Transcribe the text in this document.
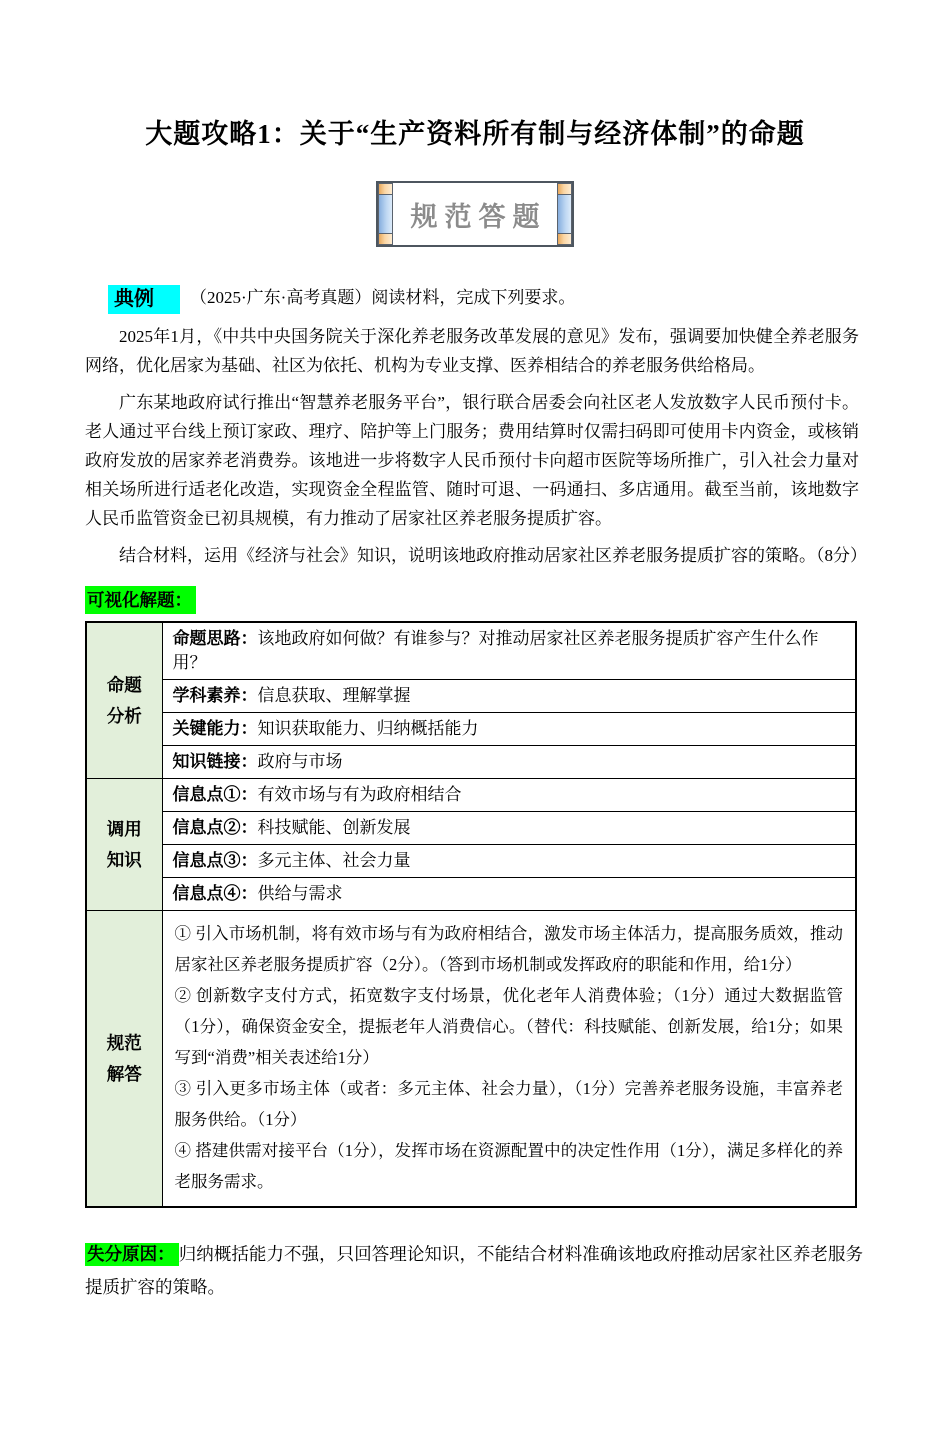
大题攻略1：关于“生产资料所有制与经济体制”的命题
规范答题
典例 （2025·广东·高考真题）阅读材料，完成下列要求。

2025年1月，《中共中央国务院关于深化养老服务改革发展的意见》发布，强调要加快健全养老服务网络，优化居家为基础、社区为依托、机构为专业支撑、医养相结合的养老服务供给格局。

广东某地政府试行推出“智慧养老服务平台”，银行联合居委会向社区老人发放数字人民币预付卡。老人通过平台线上预订家政、理疗、陪护等上门服务；费用结算时仅需扫码即可使用卡内资金，或核销政府发放的居家养老消费券。该地进一步将数字人民币预付卡向超市医院等场所推广，引入社会力量对相关场所进行适老化改造，实现资金全程监管、随时可退、一码通扫、多店通用。截至当前，该地数字人民币监管资金已初具规模，有力推动了居家社区养老服务提质扩容。

结合材料，运用《经济与社会》知识，说明该地政府推动居家社区养老服务提质扩容的策略。（8分）

可视化解题：
命题分析	命题思路：该地政府如何做？有谁参与？对推动居家社区养老服务提质扩容产生什么作用？
	学科素养：信息获取、理解掌握
	关键能力：知识获取能力、归纳概括能力
	知识链接：政府与市场

调用知识	信息点①：有效市场与有为政府相结合
	信息点②：科技赋能、创新发展
	信息点③：多元主体、社会力量
	信息点④：供给与需求

规范解答	① 引入市场机制，将有效市场与有为政府相结合，激发市场主体活力，提高服务质效，推动居家社区养老服务提质扩容（2分）。（答到市场机制或发挥政府的职能和作用，给1分）

② 创新数字支付方式，拓宽数字支付场景，优化老年人消费体验；（1分）通过大数据监管（1分），确保资金安全，提振老年人消费信心。（替代：科技赋能、创新发展，给1分；如果写到“消费”相关表述给1分）

③ 引入更多市场主体（或者：多元主体、社会力量），（1分）完善养老服务设施，丰富养老服务供给。（1分）

④ 搭建供需对接平台（1分），发挥市场在资源配置中的决定性作用（1分），满足多样化的养老服务需求。

失分原因： 归纳概括能力不强，只回答理论知识，不能结合材料准确该地政府推动居家社区养老服务提质扩容的策略。
